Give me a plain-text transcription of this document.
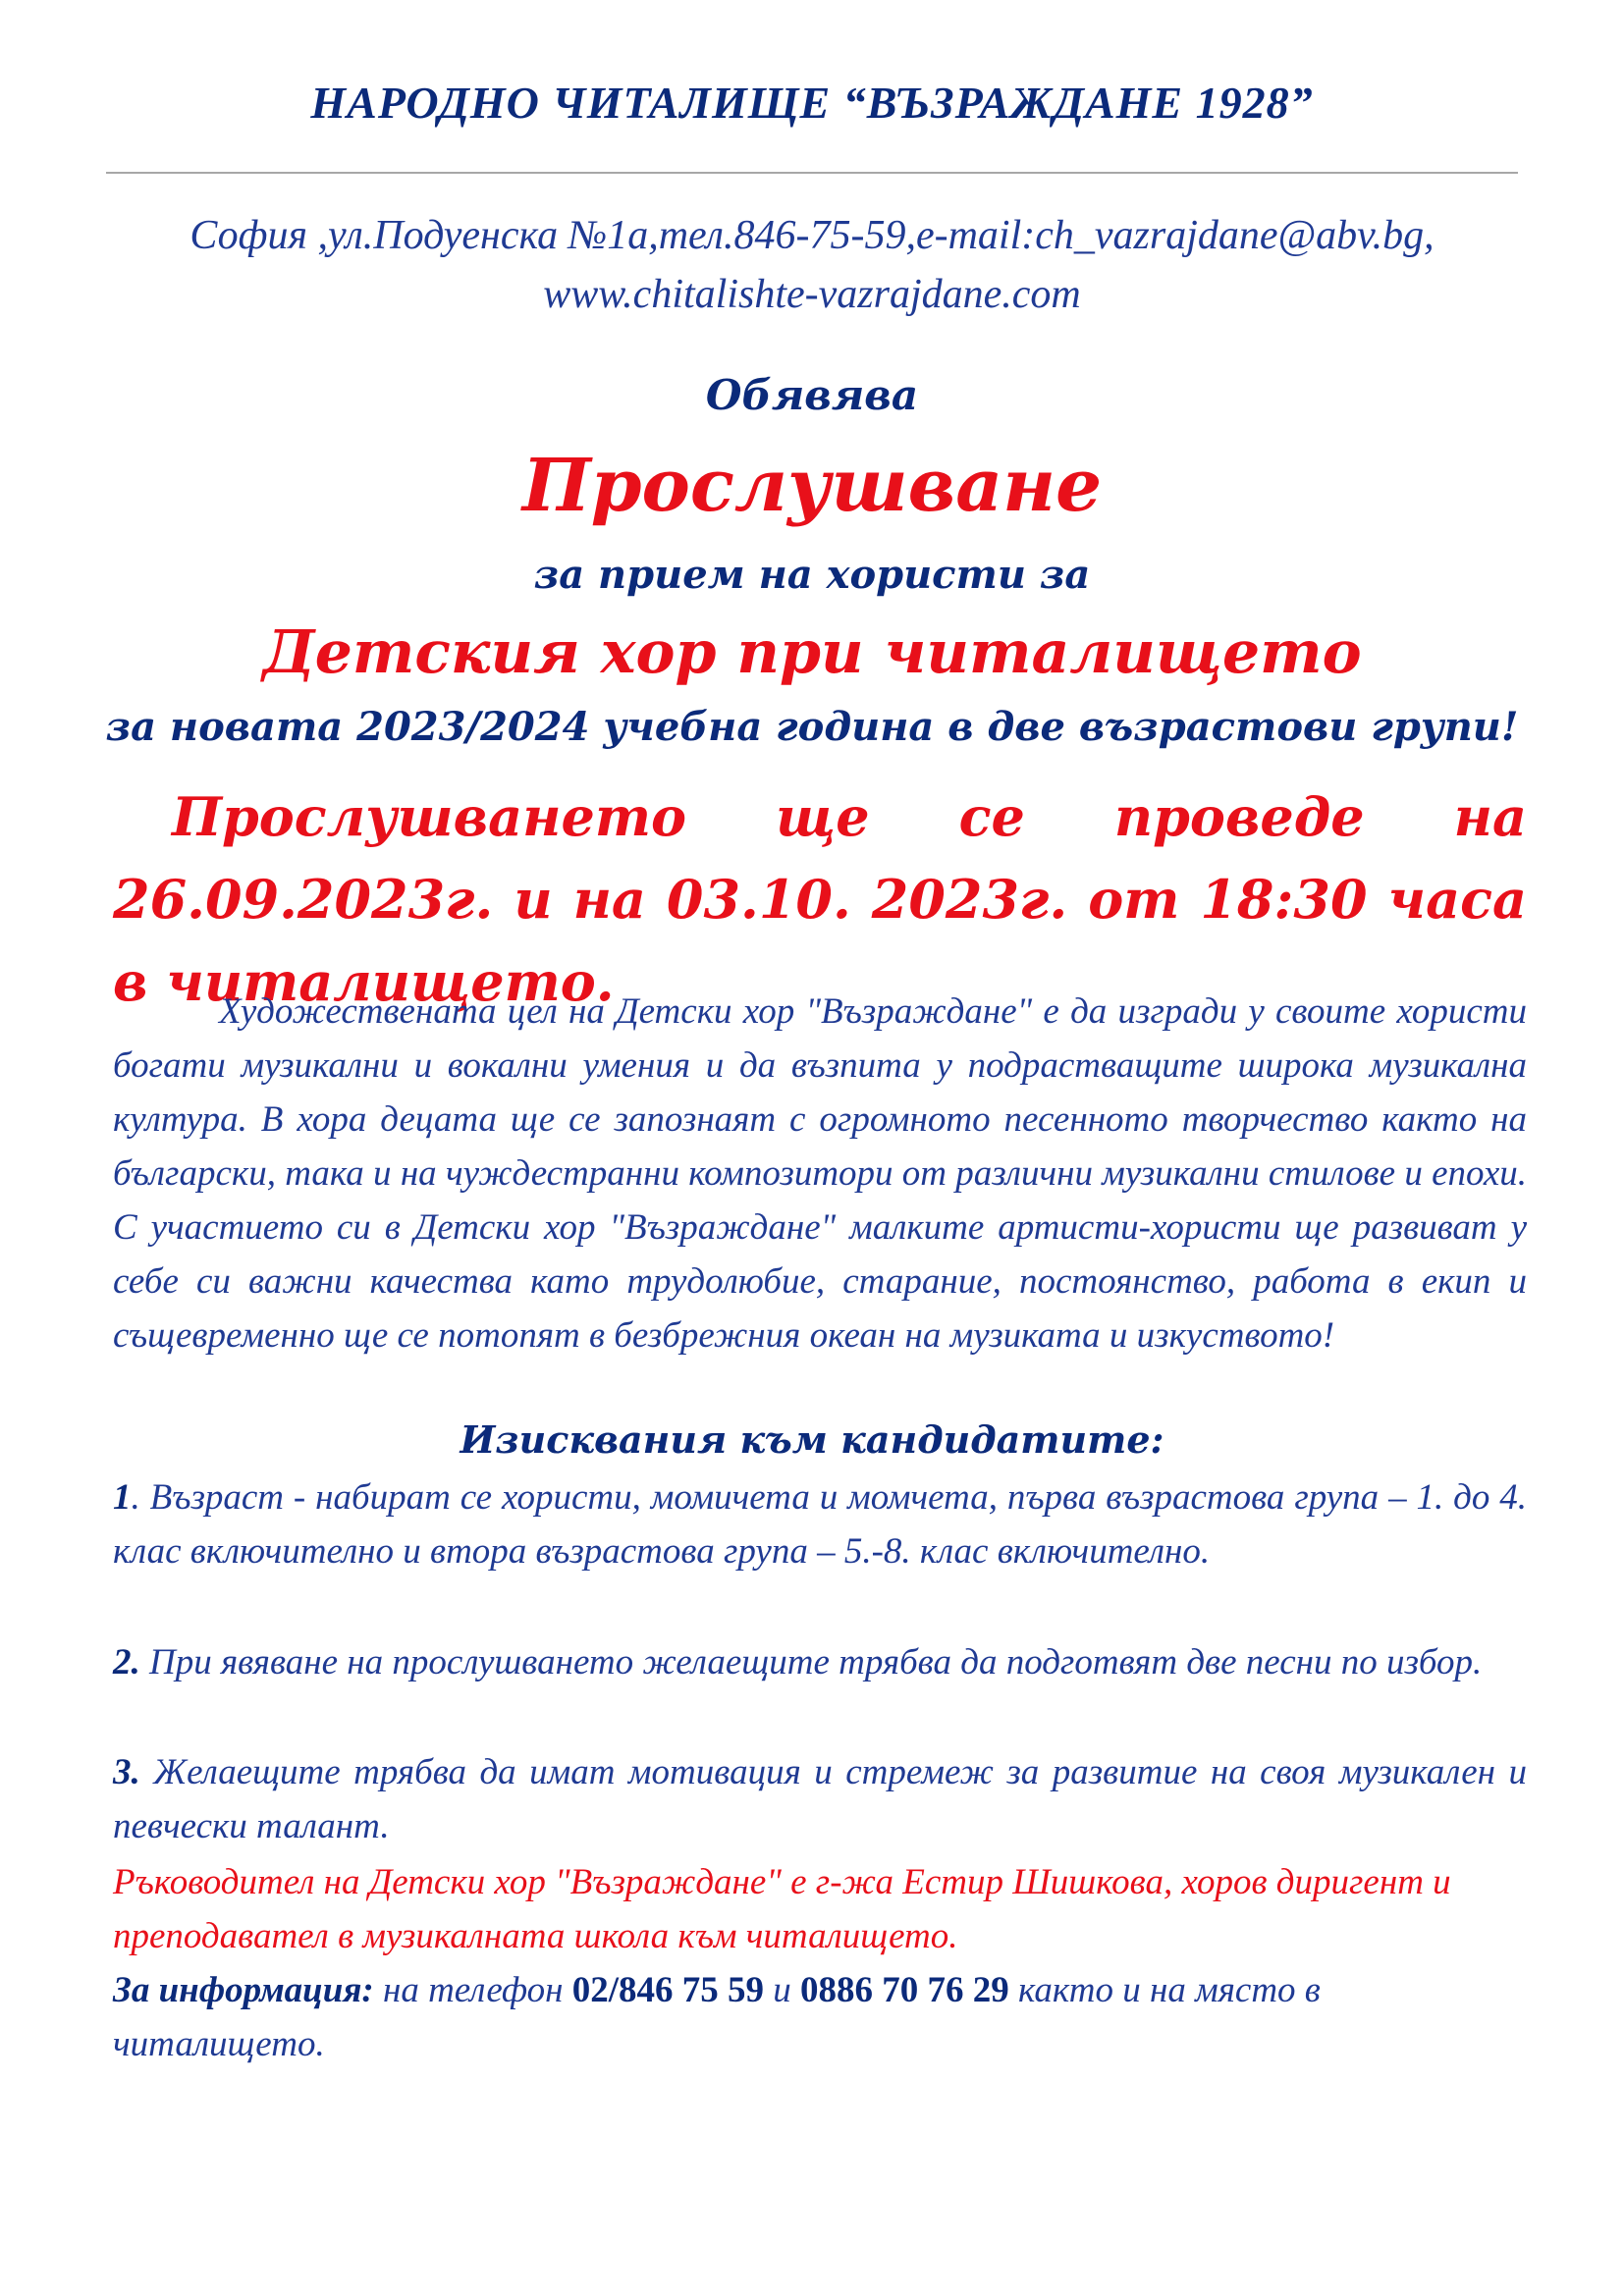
НАРОДНО ЧИТАЛИЩЕ “ВЪЗРАЖДАНЕ 1928”
София ,ул.Подуенска №1а,тел.846-75-59,e-mail:ch_vazrajdane@abv.bg,
www.chitalishte-vazrajdane.com
Обявява
Прослушване
за прием на хористи за
Детския хор при читалището
за новата 2023/2024 учебна година в две възрастови групи!
Прослушването ще се проведе на 26.09.2023г. и на 03.10. 2023г. от 18:30 часа в читалището.
Художествената цел на Детски хор "Възраждане" е да изгради у своите хористи богати музикални и вокални умения и да възпита у подрастващите широка музикална култура. В хора децата ще се запознаят с огромното песенното творчество както на български, така и на чуждестранни композитори от различни музикални стилове и епохи. С участието си в Детски хор "Възраждане" малките артисти-хористи ще развиват у себе си важни качества като трудолюбие, старание, постоянство, работа в екип и същевременно ще се потопят в безбрежния океан на музиката и изкуството!
Изисквания към кандидатите:
1. Възраст - набират се хористи, момичета и момчета, първа възрастова група – 1. до 4. клас включително и втора възрастова група – 5.-8. клас включително.
2. При явяване на прослушването желаещите трябва да подготвят две песни по избор.
3. Желаещите трябва да имат мотивация и стремеж за развитие на своя музикален и певчески талант.
Ръководител на Детски хор "Възраждане" е г-жа Естир Шишкова, хоров диригент и преподавател в музикалната школа към читалището.
За информация: на телефон 02/846 75 59 и 0886 70 76 29 както и на място в читалището.
